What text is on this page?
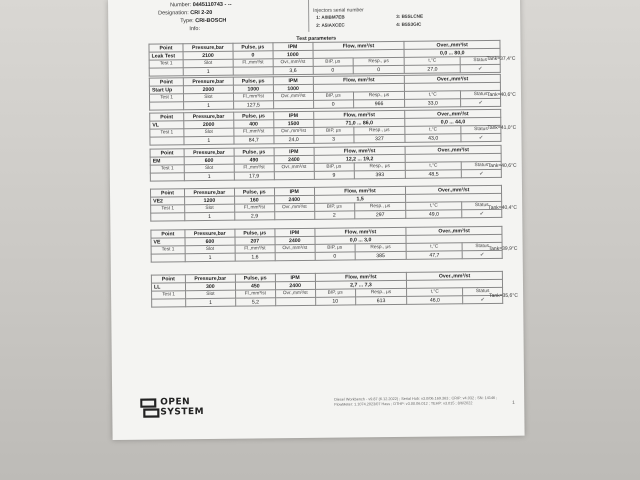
Number: 0445110743 - --
Designation: CRI 2-20
Type: CRI-BOSCH
Info:
Injectors serial number
1: A0IBM7EB	3: B5SLCNE
2: A5IAXCEC	4: B5S3GIC
Test parameters
Point	Pressure,bar	Pulse, μs	IPM	Flow, mm³/st		Over.,mm³/st	
Leak Test	2100	0	1000			0,0 ... 80,0	
Test 1	Slot	Fl.,mm³/st	Ovr.,mm³/st	BIP, μs	Resp., μs	t,°C	Status
	1		3,6	0	0	27,0	✔
Tank=37,4°C
Point	Pressure,bar	Pulse, μs	IPM	Flow, mm³/st		Over.,mm³/st	
Start Up	2000	1000	1000				
Test 1	Slot	Fl.,mm³/st	Ovr.,mm³/st	BIP, μs	Resp., μs	t,°C	Status
	1	127,5		0	966	33,0	✔
Tank=40,6°C
Point	Pressure,bar	Pulse, μs	IPM	Flow, mm³/st		Over.,mm³/st	
VL	2000	400	1500	71,0 ... 86,0		0,0 ... 44,0	
Test 1	Slot	Fl.,mm³/st	Ovr.,mm³/st	BIP, μs	Resp., μs	t,°C	Status
	1	84,7	24,0	3	327	43,0	✔
Tank=41,0°C
Point	Pressure,bar	Pulse, μs	IPM	Flow, mm³/st		Over.,mm³/st	
EM	600	490	2400	12,2 ... 19,2			
Test 1	Slot	Fl.,mm³/st	Ovr.,mm³/st	BIP, μs	Resp., μs	t,°C	Status
	1	17,9		9	393	48,5	✔
Tank=40,6°C
Point	Pressure,bar	Pulse, μs	IPM	Flow, mm³/st		Over.,mm³/st	
VE2	1200	160	2400	1,5			
Test 1	Slot	Fl.,mm³/st	Ovr.,mm³/st	BIP, μs	Resp., μs	t,°C	Status
	1	2,9		2	297	49,0	✔
Tank=40,4°C
Point	Pressure,bar	Pulse, μs	IPM	Flow, mm³/st		Over.,mm³/st	
VE	600	207	2400	0,0 ... 3,0			
Test 1	Slot	Fl.,mm³/st	Ovr.,mm³/st	BIP, μs	Resp., μs	t,°C	Status
	1	1,6		0	385	47,7	✔
Tank=39,9°C
Point	Pressure,bar	Pulse, μs	IPM	Flow, mm³/st		Over.,mm³/st	
LL	300	450	2400	2,7 ... 7,3			
Test 1	Slot	Fl.,mm³/st	Ovr.,mm³/st	BIP, μs	Resp., μs	t,°C	Status
	1	5,2		10	613	46,0	✔
Tank=35,6°C
OPEN
SYSTEM
Diesel Workbench - v9.87 (6.12.2022) ; Serial Hub: v3.0/06.169.363 ; CRIP: v4.032 ; SN: 14146 ; FlowMeter: 1.1074.2023/07 Hass ; DTHP: v3.00.06.012 ; TEHP: v3.015 ; 8/6/2022	1
